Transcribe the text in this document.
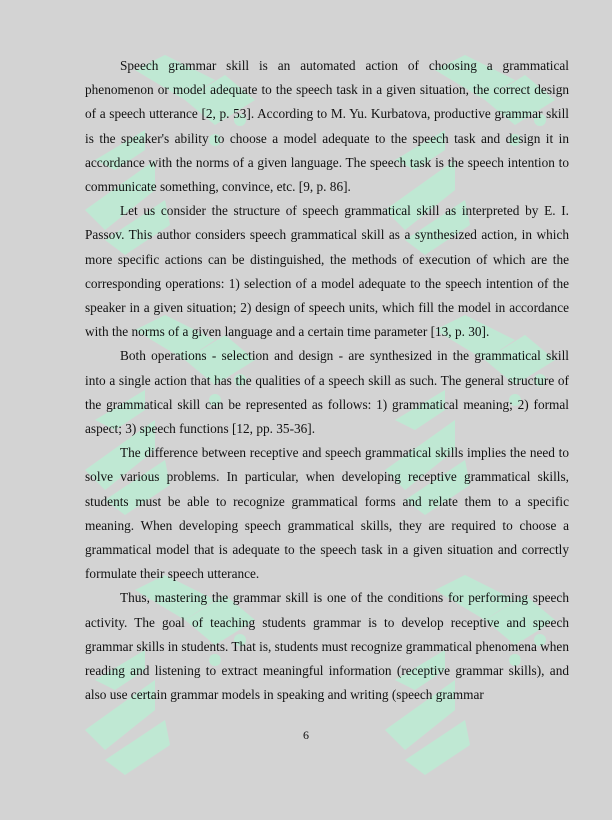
Speech grammar skill is an automated action of choosing a grammatical phenomenon or model adequate to the speech task in a given situation, the correct design of a speech utterance [2, p. 53]. According to M. Yu. Kurbatova, productive grammar skill is the speaker's ability to choose a model adequate to the speech task and design it in accordance with the norms of a given language. The speech task is the speech intention to communicate something, convince, etc. [9, p. 86].

Let us consider the structure of speech grammatical skill as interpreted by E. I. Passov. This author considers speech grammatical skill as a synthesized action, in which more specific actions can be distinguished, the methods of execution of which are the corresponding operations: 1) selection of a model adequate to the speech intention of the speaker in a given situation; 2) design of speech units, which fill the model in accordance with the norms of a given language and a certain time parameter [13, p. 30].

Both operations - selection and design - are synthesized in the grammatical skill into a single action that has the qualities of a speech skill as such. The general structure of the grammatical skill can be represented as follows: 1) grammatical meaning; 2) formal aspect; 3) speech functions [12, pp. 35-36].

The difference between receptive and speech grammatical skills implies the need to solve various problems. In particular, when developing receptive grammatical skills, students must be able to recognize grammatical forms and relate them to a specific meaning. When developing speech grammatical skills, they are required to choose a grammatical model that is adequate to the speech task in a given situation and correctly formulate their speech utterance.

Thus, mastering the grammar skill is one of the conditions for performing speech activity. The goal of teaching students grammar is to develop receptive and speech grammar skills in students. That is, students must recognize grammatical phenomena when reading and listening to extract meaningful information (receptive grammar skills), and also use certain grammar models in speaking and writing (speech grammar

6
